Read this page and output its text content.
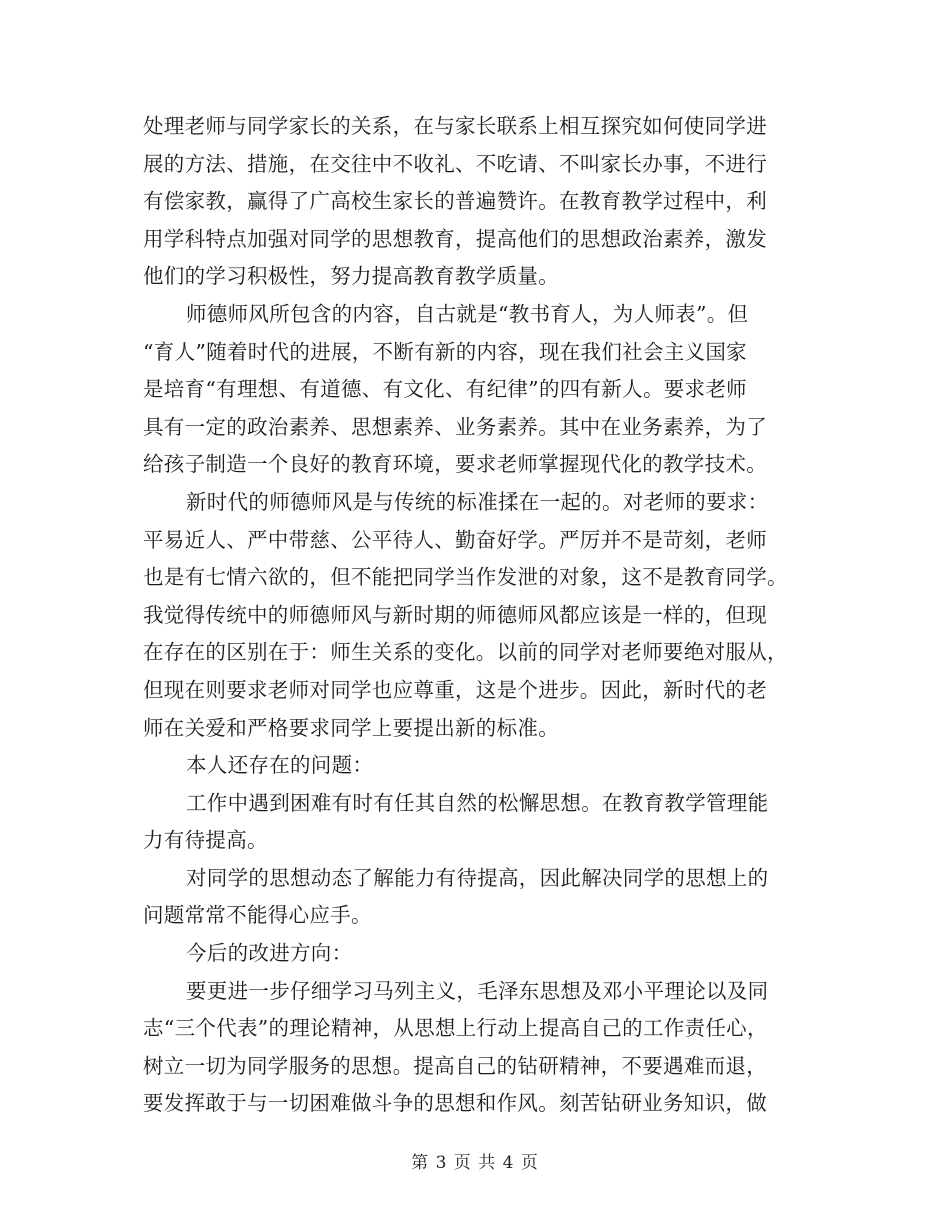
处理老师与同学家长的关系，在与家长联系上相互探究如何使同学进
展的方法、措施，在交往中不收礼、不吃请、不叫家长办事，不进行
有偿家教，赢得了广高校生家长的普遍赞许。在教育教学过程中，利
用学科特点加强对同学的思想教育，提高他们的思想政治素养，激发
他们的学习积极性，努力提高教育教学质量。
师德师风所包含的内容，自古就是“教书育人，为人师表”。但
“育人”随着时代的进展，不断有新的内容，现在我们社会主义国家
是培育“有理想、有道德、有文化、有纪律”的四有新人。要求老师
具有一定的政治素养、思想素养、业务素养。其中在业务素养，为了
给孩子制造一个良好的教育环境，要求老师掌握现代化的教学技术。
新时代的师德师风是与传统的标准揉在一起的。对老师的要求：
平易近人、严中带慈、公平待人、勤奋好学。严厉并不是苛刻，老师
也是有七情六欲的，但不能把同学当作发泄的对象，这不是教育同学。
我觉得传统中的师德师风与新时期的师德师风都应该是一样的，但现
在存在的区别在于：师生关系的变化。以前的同学对老师要绝对服从，
但现在则要求老师对同学也应尊重，这是个进步。因此，新时代的老
师在关爱和严格要求同学上要提出新的标准。
本人还存在的问题：
工作中遇到困难有时有任其自然的松懈思想。在教育教学管理能
力有待提高。
对同学的思想动态了解能力有待提高，因此解决同学的思想上的
问题常常不能得心应手。
今后的改进方向：
要更进一步仔细学习马列主义，毛泽东思想及邓小平理论以及同
志“三个代表”的理论精神，从思想上行动上提高自己的工作责任心，
树立一切为同学服务的思想。提高自己的钻研精神，不要遇难而退，
要发挥敢于与一切困难做斗争的思想和作风。刻苦钻研业务知识，做
第 3 页 共 4 页
